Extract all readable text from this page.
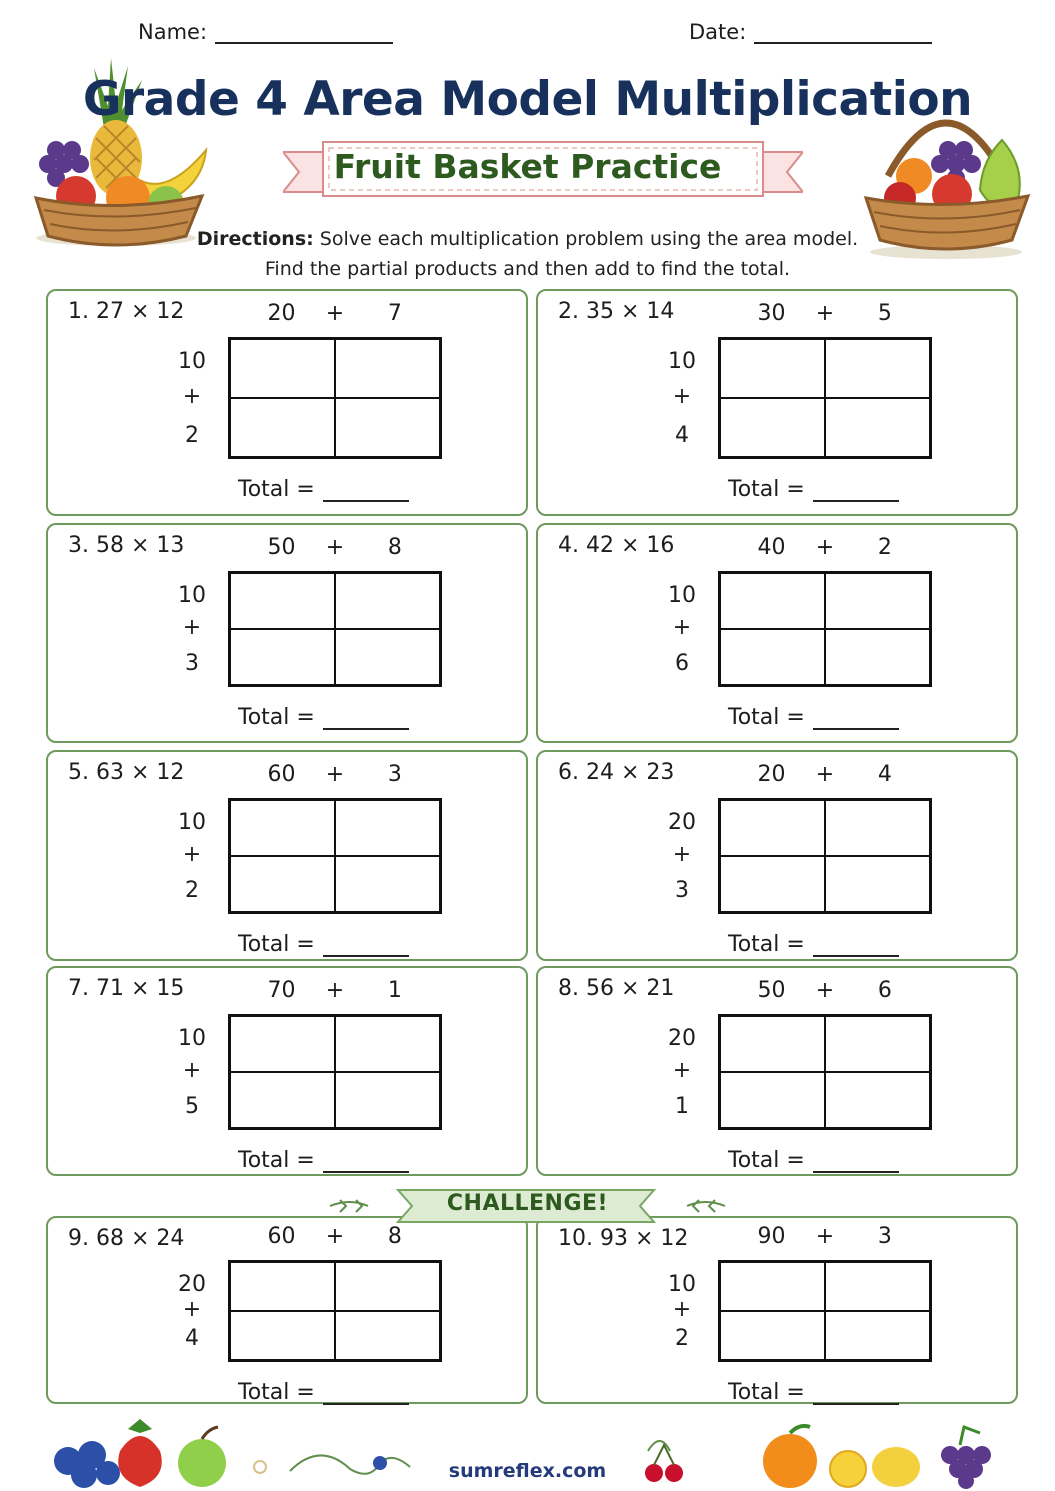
Name:	Date:
Grade 4 Area Model Multiplication
Fruit Basket Practice
Directions: Solve each multiplication problem using the area model.
Find the partial products and then add to find the total.
1. 27 × 12	20	+	7
10
+
2
Total =
2. 35 × 14	30	+	5
10
+
4
Total =
3. 58 × 13	50	+	8
10
+
3
Total =
4. 42 × 16	40	+	2
10
+
6
Total =
5. 63 × 12	60	+	3
10
+
2
Total =
6. 24 × 23	20	+	4
20
+
3
Total =
7. 71 × 15	70	+	1
10
+
5
Total =
8. 56 × 21	50	+	6
20
+
1
Total =
9. 68 × 24	60	+	8
20
+
4
Total =
10. 93 × 12	90	+	3
10
+
2
Total =
CHALLENGE!
sumreflex.com
